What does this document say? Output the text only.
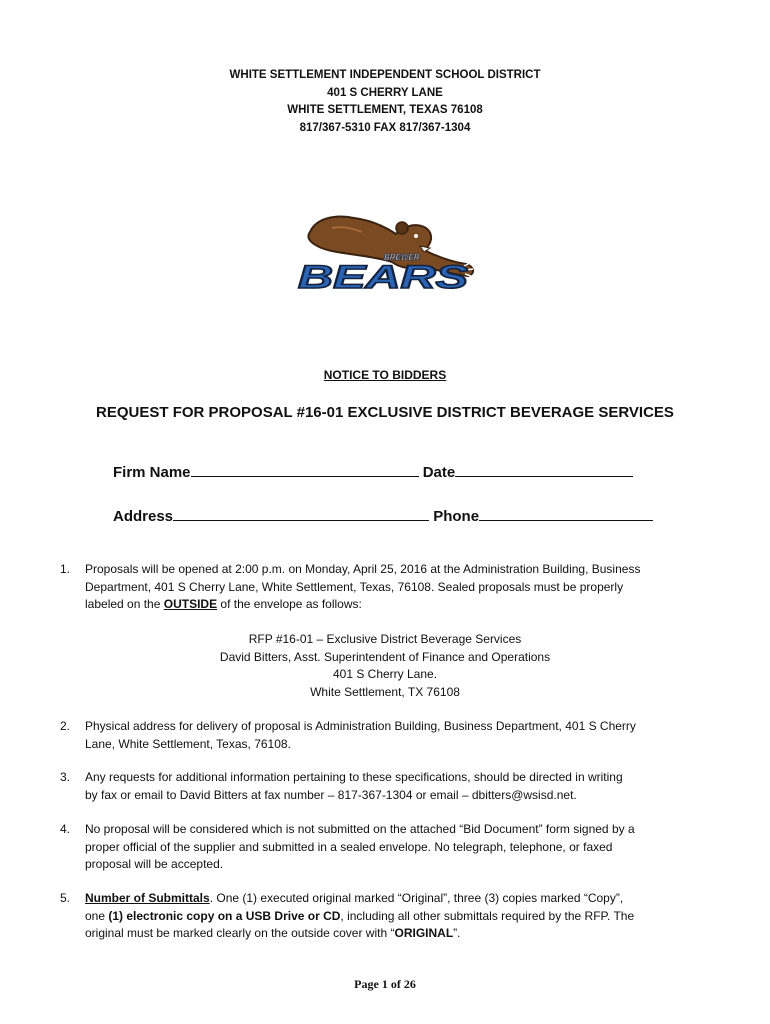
WHITE SETTLEMENT INDEPENDENT SCHOOL DISTRICT
401 S CHERRY LANE
WHITE SETTLEMENT, TEXAS 76108
817/367-5310 FAX 817/367-1304
BREWER
BEARS
NOTICE TO BIDDERS
REQUEST FOR PROPOSAL #16-01 EXCLUSIVE DISTRICT BEVERAGE SERVICES
Firm Name	Date
Address	Phone
1. Proposals will be opened at 2:00 p.m. on Monday, April 25, 2016 at the Administration Building, Business
Department, 401 S Cherry Lane, White Settlement, Texas, 76108. Sealed proposals must be properly
labeled on the OUTSIDE of the envelope as follows:
2. Physical address for delivery of proposal is Administration Building, Business Department, 401 S Cherry
Lane, White Settlement, Texas, 76108.
3. Any requests for additional information pertaining to these specifications, should be directed in writing
by fax or email to David Bitters at fax number – 817-367-1304 or email – dbitters@wsisd.net.
4. No proposal will be considered which is not submitted on the attached “Bid Document” form signed by a
proper official of the supplier and submitted in a sealed envelope. No telegraph, telephone, or faxed
proposal will be accepted.
5. Number of Submittals. One (1) executed original marked “Original”, three (3) copies marked “Copy”,
one (1) electronic copy on a USB Drive or CD, including all other submittals required by the RFP. The
original must be marked clearly on the outside cover with “ORIGINAL”.
RFP #16-01 – Exclusive District Beverage Services
David Bitters, Asst. Superintendent of Finance and Operations
401 S Cherry Lane.
White Settlement, TX 76108
Page 1 of 26
